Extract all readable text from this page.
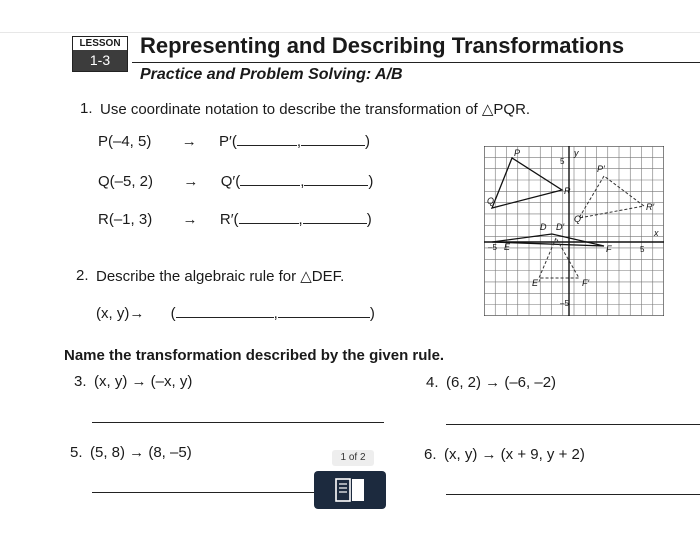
LESSON
1-3
Representing and Describing Transformations
Practice and Problem Solving: A/B
1. Use coordinate notation to describe the transformation of △PQR.
P(–4, 5) → P′(	,	)
Q(–5, 2) → Q′(	,	)
R(–1, 3) → R′(	,	)
2. Describe the algebraic rule for △DEF.
(x, y)→ (	,	)
P
Q
R
P′
Q′
R′
D D′
E
E′
F
F′
y
x
5
5
–5
–5
Name the transformation described by the given rule.
3. (x, y) → (–x, y)	4. (6, 2) → (–6, –2)
5. (5, 8) → (8, –5)	6. (x, y) → (x + 9, y + 2)
1 of 2
